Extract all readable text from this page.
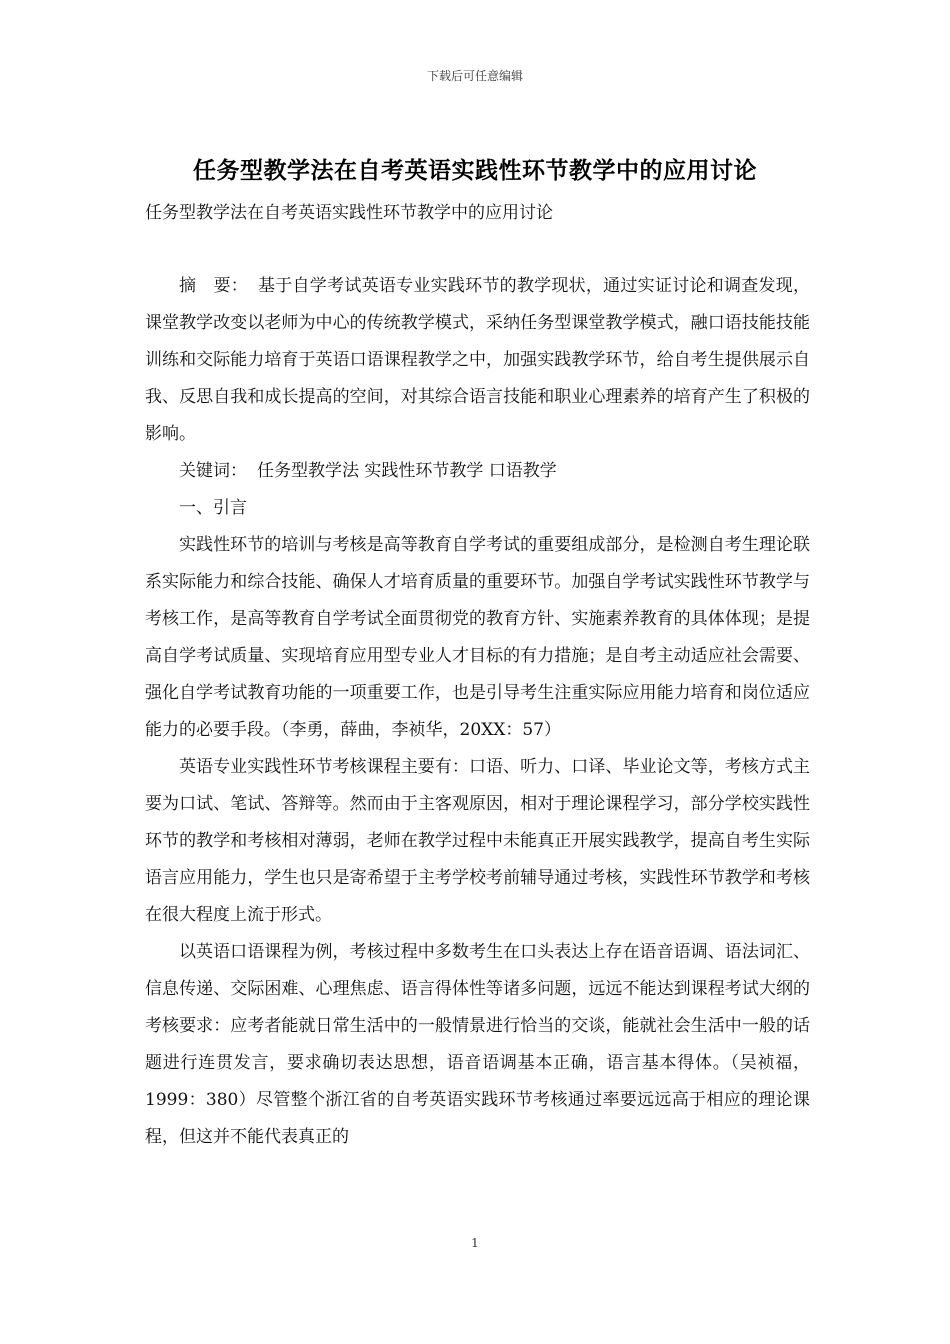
下载后可任意编辑
任务型教学法在自考英语实践性环节教学中的应用讨论
任务型教学法在自考英语实践性环节教学中的应用讨论

摘　要： 基于自学考试英语专业实践环节的教学现状，通过实证讨论和调查发现，课堂教学改变以老师为中心的传统教学模式，采纳任务型课堂教学模式，融口语技能技能训练和交际能力培育于英语口语课程教学之中，加强实践教学环节，给自考生提供展示自我、反思自我和成长提高的空间，对其综合语言技能和职业心理素养的培育产生了积极的影响。

关键词： 任务型教学法 实践性环节教学 口语教学

一、引言

实践性环节的培训与考核是高等教育自学考试的重要组成部分，是检测自考生理论联系实际能力和综合技能、确保人才培育质量的重要环节。加强自学考试实践性环节教学与考核工作，是高等教育自学考试全面贯彻党的教育方针、实施素养教育的具体体现；是提高自学考试质量、实现培育应用型专业人才目标的有力措施；是自考主动适应社会需要、强化自学考试教育功能的一项重要工作，也是引导考生注重实际应用能力培育和岗位适应能力的必要手段。（李勇，薛曲，李祯华，20XX：57）

英语专业实践性环节考核课程主要有：口语、听力、口译、毕业论文等，考核方式主要为口试、笔试、答辩等。然而由于主客观原因，相对于理论课程学习，部分学校实践性环节的教学和考核相对薄弱，老师在教学过程中未能真正开展实践教学，提高自考生实际语言应用能力，学生也只是寄希望于主考学校考前辅导通过考核，实践性环节教学和考核在很大程度上流于形式。

以英语口语课程为例，考核过程中多数考生在口头表达上存在语音语调、语法词汇、信息传递、交际困难、心理焦虑、语言得体性等诸多问题，远远不能达到课程考试大纲的考核要求：应考者能就日常生活中的一般情景进行恰当的交谈，能就社会生活中一般的话题进行连贯发言，要求确切表达思想，语音语调基本正确，语言基本得体。（吴祯福，1999：380）尽管整个浙江省的自考英语实践环节考核通过率要远远高于相应的理论课程，但这并不能代表真正的

1
